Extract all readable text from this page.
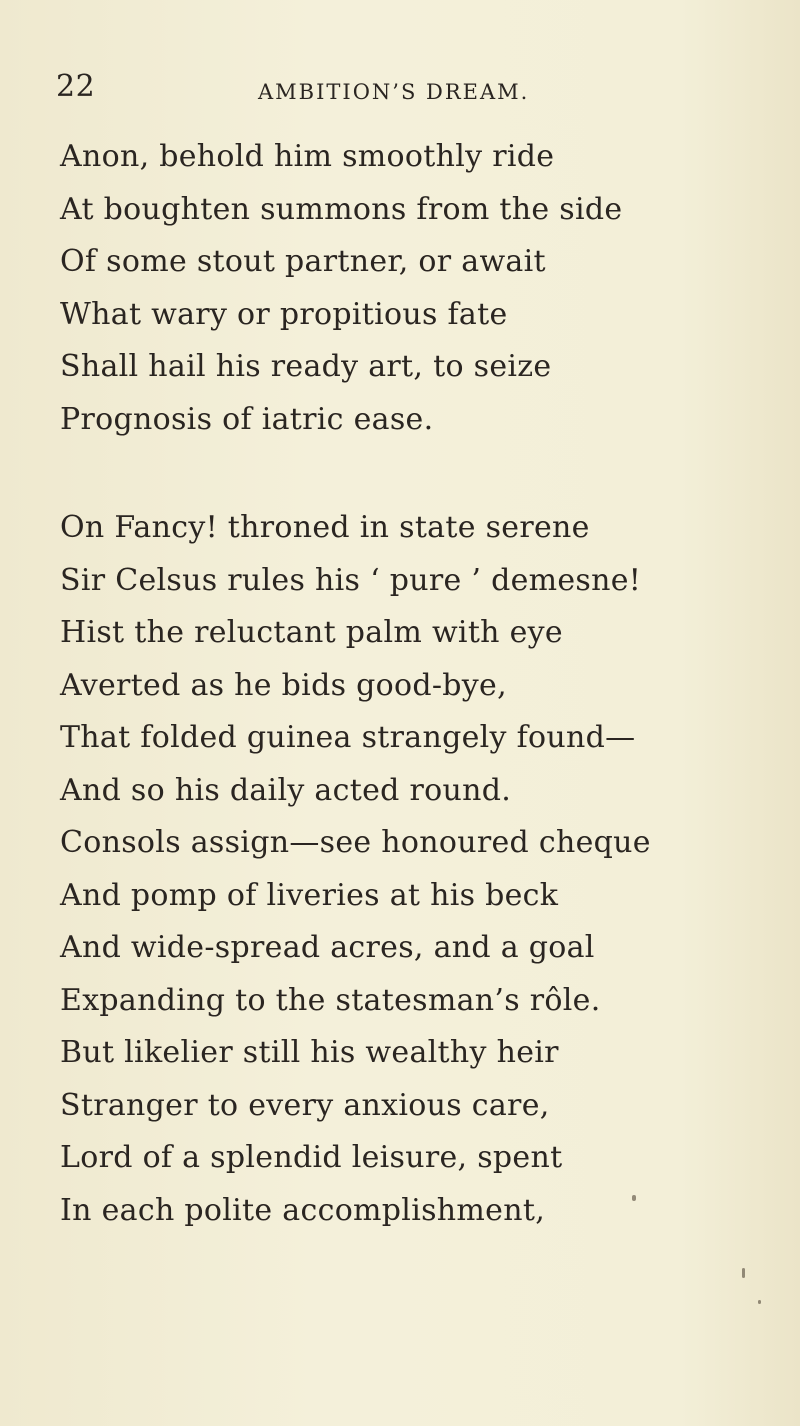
22	AMBITION’S DREAM.
Anon, behold him smoothly ride
At boughten summons from the side
Of some stout partner, or await
What wary or propitious fate
Shall hail his ready art, to seize
Prognosis of iatric ease.
On Fancy! throned in state serene
Sir Celsus rules his ‘ pure ’ demesne!
Hist the reluctant palm with eye
Averted as he bids good-bye,
That folded guinea strangely found—
And so his daily acted round.
Consols assign—see honoured cheque
And pomp of liveries at his beck
And wide-spread acres, and a goal
Expanding to the statesman’s rôle.
But likelier still his wealthy heir
Stranger to every anxious care,
Lord of a splendid leisure, spent
In each polite accomplishment,
